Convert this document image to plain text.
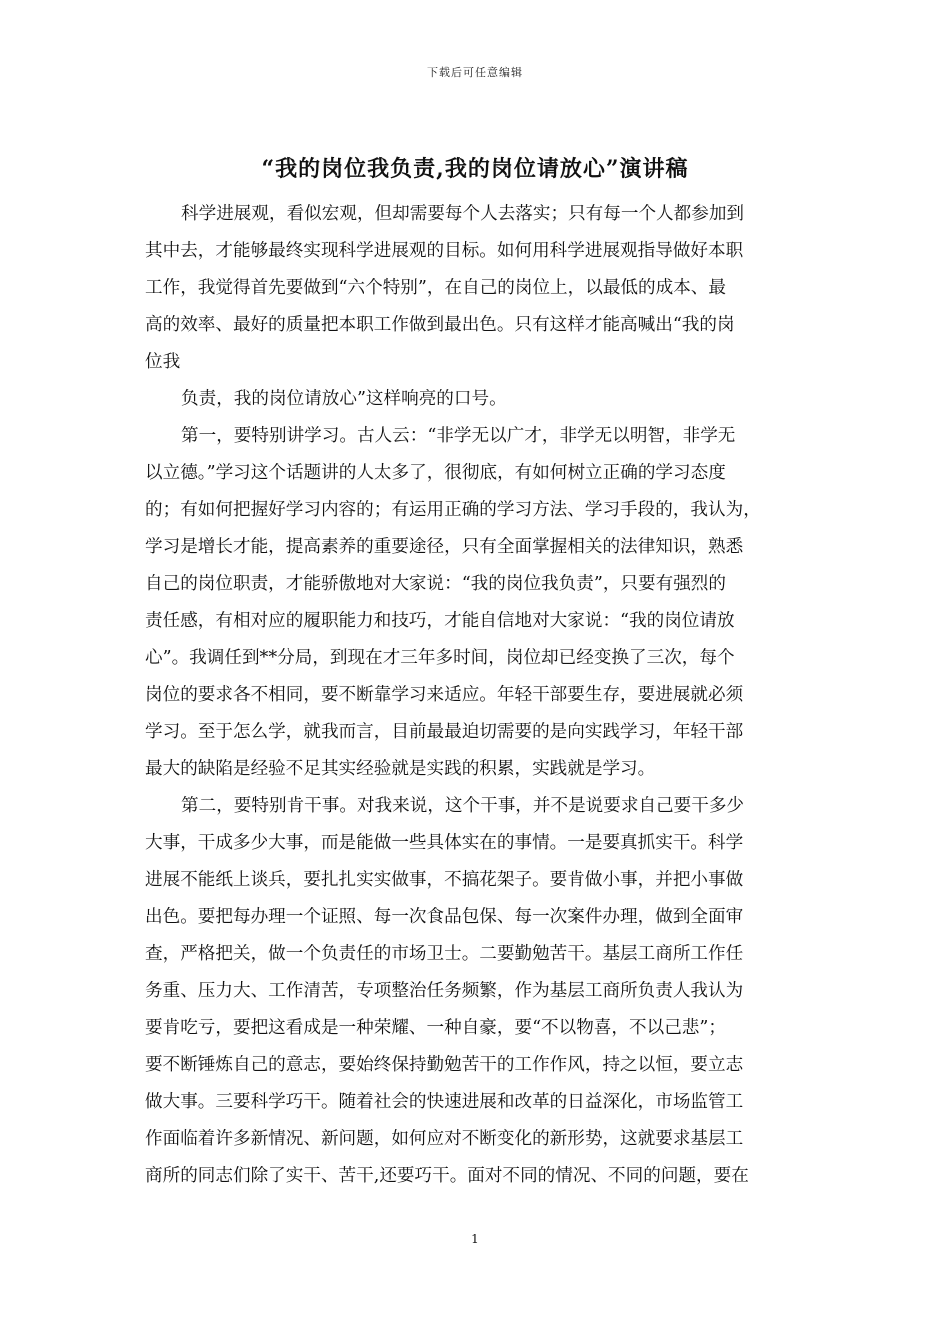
下载后可任意编辑
“我的岗位我负责,我的岗位请放心”演讲稿
科学进展观，看似宏观，但却需要每个人去落实；只有每一个人都参加到
其中去，才能够最终实现科学进展观的目标。如何用科学进展观指导做好本职
工作，我觉得首先要做到“六个特别”，在自己的岗位上，以最低的成本、最
高的效率、最好的质量把本职工作做到最出色。只有这样才能高喊出“我的岗
位我
负责，我的岗位请放心”这样响亮的口号。
第一，要特别讲学习。古人云：“非学无以广才，非学无以明智，非学无
以立德。”学习这个话题讲的人太多了，很彻底，有如何树立正确的学习态度
的；有如何把握好学习内容的；有运用正确的学习方法、学习手段的，我认为，
学习是增长才能，提高素养的重要途径，只有全面掌握相关的法律知识，熟悉
自己的岗位职责，才能骄傲地对大家说：“我的岗位我负责”，只要有强烈的
责任感，有相对应的履职能力和技巧，才能自信地对大家说：“我的岗位请放
心”。我调任到**分局，到现在才三年多时间，岗位却已经变换了三次，每个
岗位的要求各不相同，要不断靠学习来适应。年轻干部要生存，要进展就必须
学习。至于怎么学，就我而言，目前最最迫切需要的是向实践学习，年轻干部
最大的缺陷是经验不足其实经验就是实践的积累，实践就是学习。
第二，要特别肯干事。对我来说，这个干事，并不是说要求自己要干多少
大事，干成多少大事，而是能做一些具体实在的事情。一是要真抓实干。科学
进展不能纸上谈兵，要扎扎实实做事，不搞花架子。要肯做小事，并把小事做
出色。要把每办理一个证照、每一次食品包保、每一次案件办理，做到全面审
查，严格把关，做一个负责任的市场卫士。二要勤勉苦干。基层工商所工作任
务重、压力大、工作清苦，专项整治任务频繁，作为基层工商所负责人我认为
要肯吃亏，要把这看成是一种荣耀、一种自豪，要“不以物喜，不以己悲”；
要不断锤炼自己的意志，要始终保持勤勉苦干的工作作风，持之以恒，要立志
做大事。三要科学巧干。随着社会的快速进展和改革的日益深化，市场监管工
作面临着许多新情况、新问题，如何应对不断变化的新形势，这就要求基层工
商所的同志们除了实干、苦干,还要巧干。面对不同的情况、不同的问题，要在
1
